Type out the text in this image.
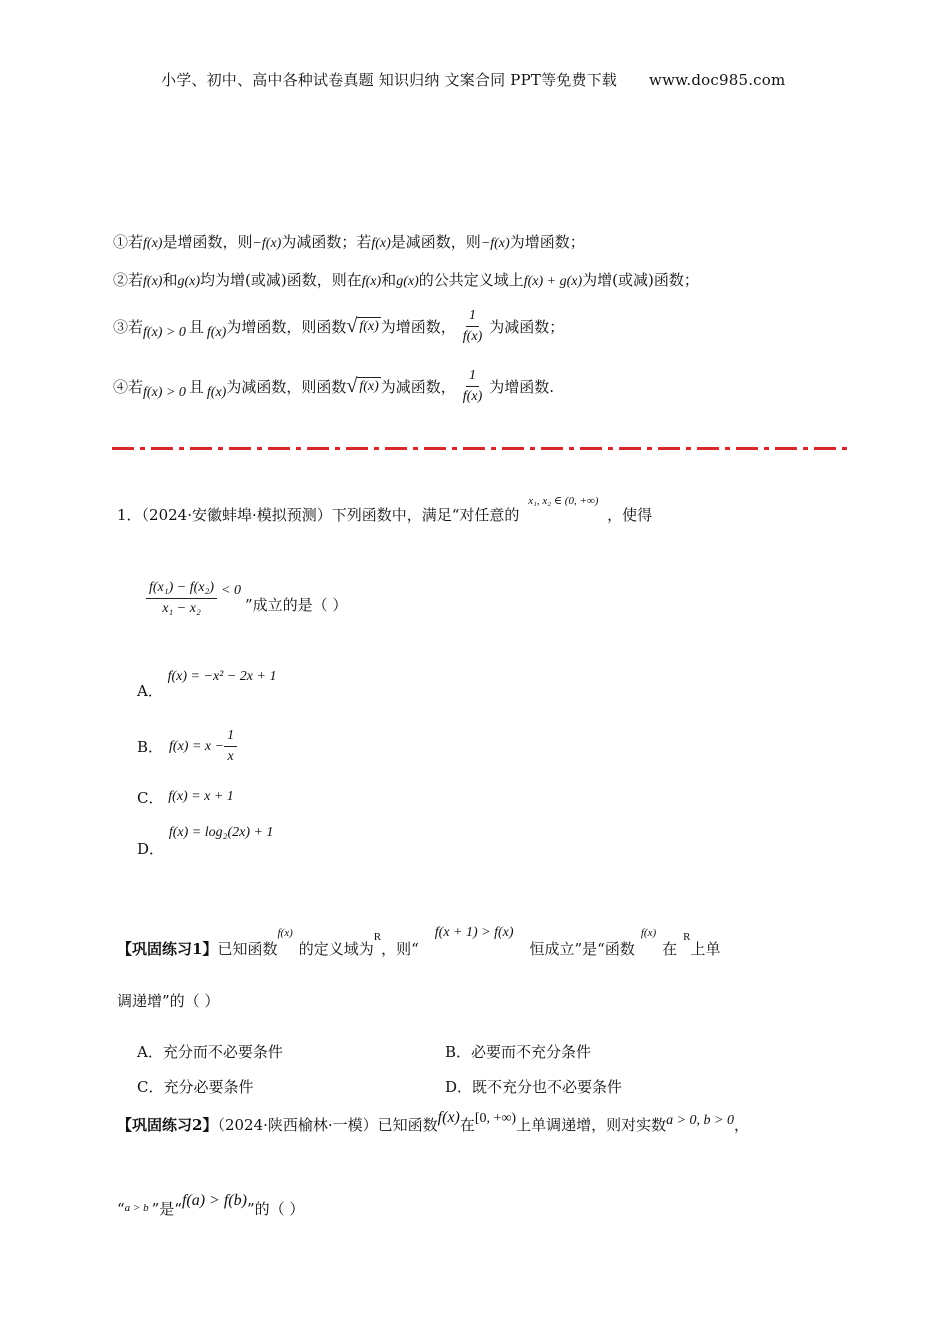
小学、初中、高中各种试卷真题 知识归纳 文案合同 PPT等免费下载 www.doc985.com
①若f(x)是增函数，则−f(x)为减函数；若f(x)是减函数，则−f(x)为增函数；
②若f(x)和g(x)均为增(或减)函数，则在f(x)和g(x)的公共定义域上f(x) + g(x)为增(或减)函数；
③若 f(x) > 0 且 f(x) 为增函数，则函数 √ f(x) 为增函数， $\frac{1}{f(x)}$ 为减函数；
④若 f(x) > 0 且 f(x) 为减函数，则函数 √ f(x) 为减函数， $\frac{1}{f(x)}$ 为增函数.
1．（2024·安徽蚌埠·模拟预测）下列函数中，满足“对任意的 x₁, x₂ ∈ (0, +∞) ，使得
$\frac{\text{f(x₁) − f(x₂)}}{\text{x₁ − x₂}} < 0$
”成立的是（ ）
A． f(x) = −x² − 2x + 1
B． $f(x) = x - \frac{1}{x}$
C． f(x) = x + 1
D． f(x) = log₂(2x) + 1
【巩固练习1】已知函数f(x)的定义域为$_R$，则“f(x + 1) > f(x)恒成立”是“函数f(x)在$_R$上单
调递增”的（ ）
A．充分而不必要条件	B．必要而不充分条件
C．充分必要条件	D．既不充分也不必要条件
【巩固练习2】（2024·陕西榆林·一模）已知函数f(x)在[0, +∞)上单调递增，则对实数a > 0, b > 0，
“$^{a > b}$ ”是“f(a) > f(b)”的（ ）
